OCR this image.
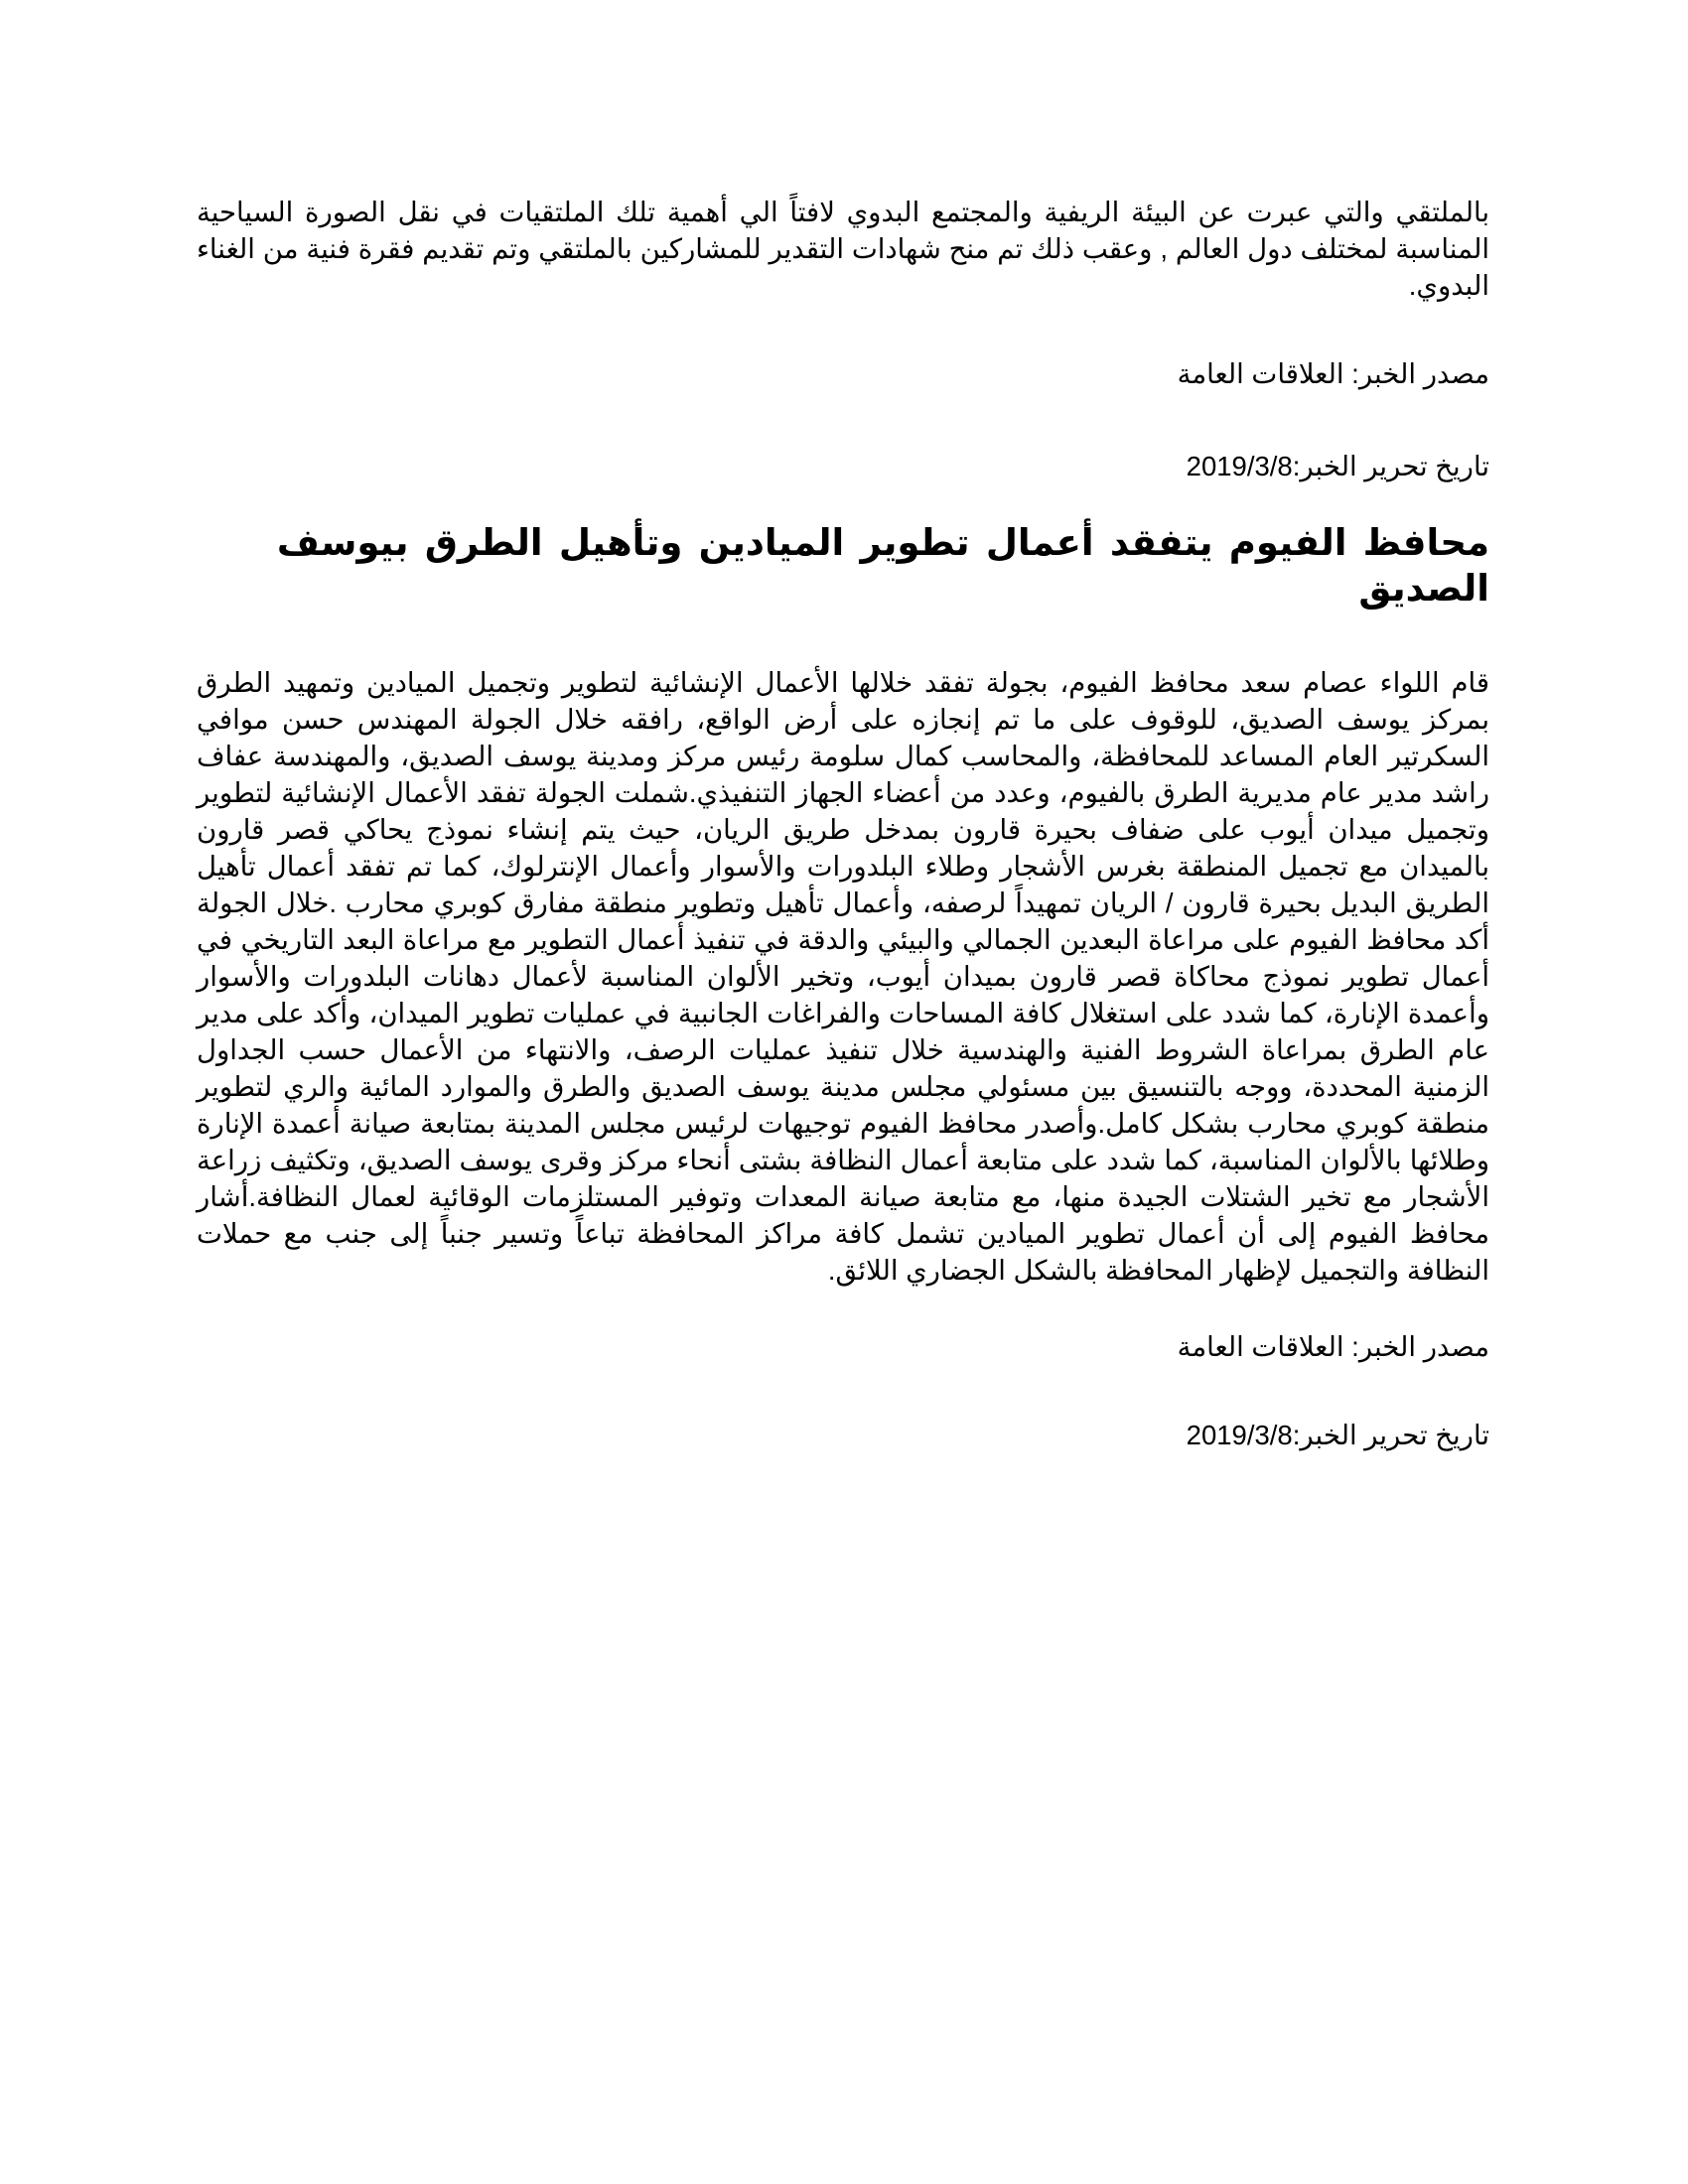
بالملتقي والتي عبرت عن البيئة الريفية والمجتمع البدوي لافتاً الي أهمية تلك الملتقيات في نقل الصورة السياحية المناسبة لمختلف دول العالم , وعقب ذلك تم منح شهادات التقدير للمشاركين بالملتقي وتم تقديم فقرة فنية من الغناء البدوي.

مصدر الخبر: العلاقات العامة

تاريخ تحرير الخبر:2019/3/8

محافظ الفيوم يتفقد أعمال تطوير الميادين وتأهيل الطرق بيوسف الصديق

قام اللواء عصام سعد محافظ الفيوم، بجولة تفقد خلالها الأعمال الإنشائية لتطوير وتجميل الميادين وتمهيد الطرق بمركز يوسف الصديق، للوقوف على ما تم إنجازه على أرض الواقع، رافقه خلال الجولة المهندس حسن موافي السكرتير العام المساعد للمحافظة، والمحاسب كمال سلومة رئيس مركز ومدينة يوسف الصديق، والمهندسة عفاف راشد مدير عام مديرية الطرق بالفيوم، وعدد من أعضاء الجهاز التنفيذي.شملت الجولة تفقد الأعمال الإنشائية لتطوير وتجميل ميدان أيوب على ضفاف بحيرة قارون بمدخل طريق الريان، حيث يتم إنشاء نموذج يحاكي قصر قارون بالميدان مع تجميل المنطقة بغرس الأشجار وطلاء البلدورات والأسوار وأعمال الإنترلوك، كما تم تفقد أعمال تأهيل الطريق البديل بحيرة قارون / الريان تمهيداً لرصفه، وأعمال تأهيل وتطوير منطقة مفارق كوبري محارب .خلال الجولة أكد محافظ الفيوم على مراعاة البعدين الجمالي والبيئي والدقة في تنفيذ أعمال التطوير مع مراعاة البعد التاريخي في أعمال تطوير نموذج محاكاة قصر قارون بميدان أيوب، وتخير الألوان المناسبة لأعمال دهانات البلدورات والأسوار وأعمدة الإنارة، كما شدد على استغلال كافة المساحات والفراغات الجانبية في عمليات تطوير الميدان، وأكد على مدير عام الطرق بمراعاة الشروط الفنية والهندسية خلال تنفيذ عمليات الرصف، والانتهاء من الأعمال حسب الجداول الزمنية المحددة، ووجه بالتنسيق بين مسئولي مجلس مدينة يوسف الصديق والطرق والموارد المائية والري لتطوير منطقة كوبري محارب بشكل كامل.وأصدر محافظ الفيوم توجيهات لرئيس مجلس المدينة بمتابعة صيانة أعمدة الإنارة وطلائها بالألوان المناسبة، كما شدد على متابعة أعمال النظافة بشتى أنحاء مركز وقرى يوسف الصديق، وتكثيف زراعة الأشجار مع تخير الشتلات الجيدة منها، مع متابعة صيانة المعدات وتوفير المستلزمات الوقائية لعمال النظافة.أشار محافظ الفيوم إلى أن أعمال تطوير الميادين تشمل كافة مراكز المحافظة تباعاً وتسير جنباً إلى جنب مع حملات النظافة والتجميل لإظهار المحافظة بالشكل الجضاري اللائق.

مصدر الخبر: العلاقات العامة

تاريخ تحرير الخبر:2019/3/8
